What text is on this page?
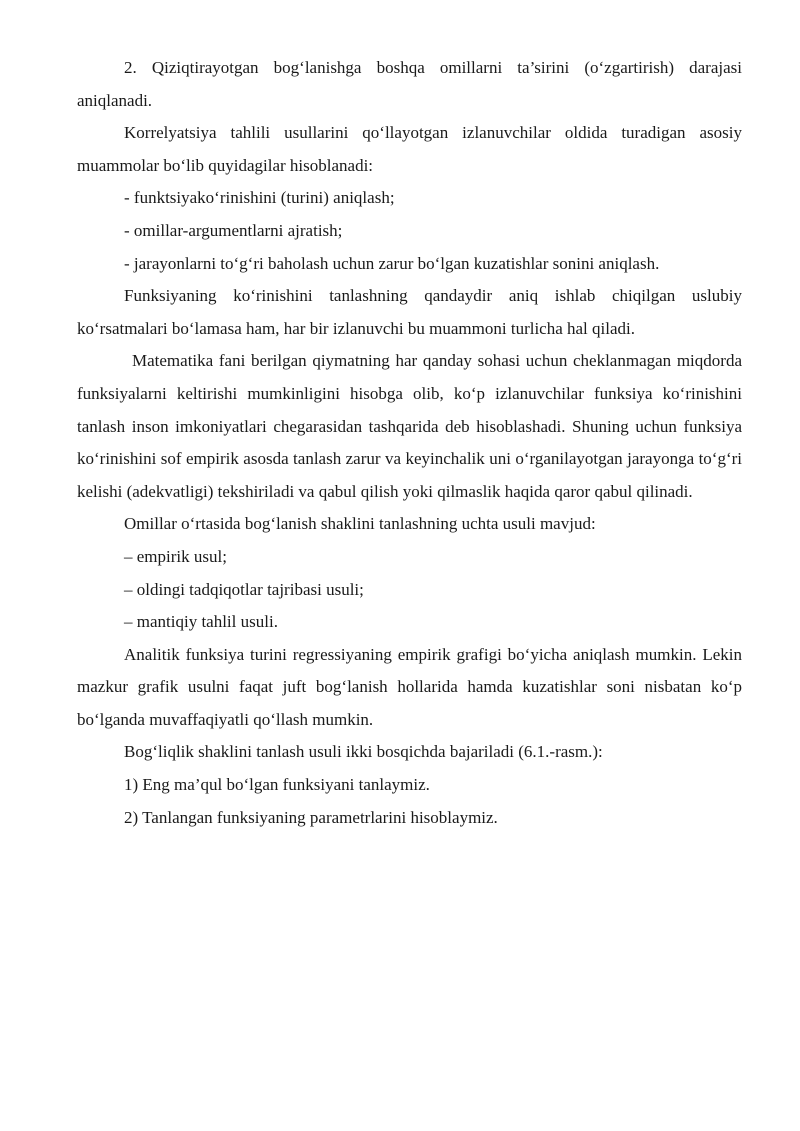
2. Qiziqtirayotgan bog‘lanishga boshqa omillarni ta’sirini (o‘zgartirish) darajasi aniqlanadi.

Korrelyatsiya tahlili usullarini qo‘llayotgan izlanuvchilar oldida turadigan asosiy muammolar bo‘lib quyidagilar hisoblanadi:

- funktsiyako‘rinishini (turini) aniqlash;

- omillar-argumentlarni ajratish;

- jarayonlarni to‘g‘ri baholash uchun zarur bo‘lgan kuzatishlar sonini aniqlash.

Funksiyaning ko‘rinishini tanlashning qandaydir aniq ishlab chiqilgan uslubiy ko‘rsatmalari bo‘lamasa ham, har bir izlanuvchi bu muammoni turlicha hal qiladi.

Matematika fani berilgan qiymatning har qanday sohasi uchun cheklanmagan miqdorda funksiyalarni keltirishi mumkinligini hisobga olib, ko‘p izlanuvchilar funksiya ko‘rinishini tanlash inson imkoniyatlari chegarasidan tashqarida deb hisoblashadi. Shuning uchun funksiya ko‘rinishini sof empirik asosda tanlash zarur va keyinchalik uni o‘rganilayotgan jarayonga to‘g‘ri kelishi (adekvatligi) tekshiriladi va qabul qilish yoki qilmaslik haqida qaror qabul qilinadi.

Omillar o‘rtasida bog‘lanish shaklini tanlashning uchta usuli mavjud:

– empirik usul;

– oldingi tadqiqotlar tajribasi usuli;

– mantiqiy tahlil usuli.

Analitik funksiya turini regressiyaning empirik grafigi bo‘yicha aniqlash mumkin. Lekin mazkur grafik usulni faqat juft bog‘lanish hollarida hamda kuzatishlar soni nisbatan ko‘p bo‘lganda muvaffaqiyatli qo‘llash mumkin.

Bog‘liqlik shaklini tanlash usuli ikki bosqichda bajariladi (6.1.-rasm.):

1) Eng ma’qul bo‘lgan funksiyani tanlaymiz.

2) Tanlangan funksiyaning parametrlarini hisoblaymiz.
